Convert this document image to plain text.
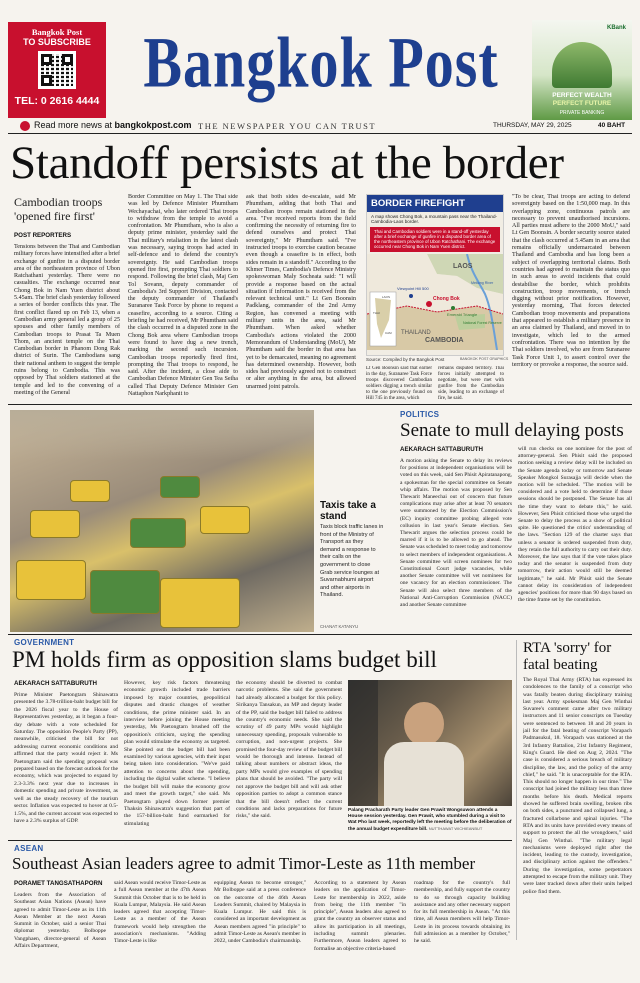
Bangkok Post
TO SUBSCRIBE
TEL: 0 2616 4444 Bangkok Post	KBank
PERFECT WEALTH
PERFECT FUTURE
PRIVATE BANKING
Read more news at bangkokpost.com THE NEWSPAPER YOU CAN TRUST	THURSDAY, MAY 29, 2025	40 BAHT
Standoff persists at the border
Cambodian troops 'opened fire first'
POST REPORTERS
Tensions between the Thai and Cambodian military forces have intensified after a brief exchange of gunfire in a disputed border area of the northeastern province of Ubon Ratchathani yesterday. There were no casualties. The exchange occurred near Chong Bok in Nam Yuen district about 5.45am. The brief clash yesterday followed a series of border conflicts this year. The first conflict flared up on Feb 13, when a Cambodian army general led a group of 25 spouses and other family members of Cambodian troops to Prasat Ta Muen Thom, an ancient temple on the Thai Cambodian border in Phanom Dong Rak district of Surin. The Cambodians sang their national anthem to suggest the temple ruins belong to Cambodia. This was opposed by Thai soldiers stationed at the temple and led to the convening of a meeting of the General
Border Committee on May 1. The Thai side was led by Defence Minister Phumtham Wechayachai, who later ordered Thai troops to withdraw from the temple to avoid a confrontation. Mr Phumtham, who is also a deputy prime minister, yesterday said the Thai military's retaliation in the latest clash was necessary, saying troops had acted in self-defence and to defend the country's sovereignty. He said Cambodian troops opened fire first, prompting Thai soldiers to respond. Following the brief clash, Maj Gen Tol Sovann, deputy commander of Cambodia's 3rd Support Division, contacted the deputy commander of Thailand's Suranaree Task Force by phone to request a ceasefire, according to a source. Citing a briefing he had received, Mr Phumtham said the clash occurred in a disputed zone in the Chong Bok area where Cambodian troops were found to have dug a new trench, marking the second such incursion. Cambodian troops reportedly fired first, prompting the Thai troops to respond, he said. After the incident, a close aide to Cambodian Defence Minister Gen Tea Seiha called Thai Deputy Defence Minister Gen Nattaphon Narkphanit to
ask that both sides de-escalate, said Mr Phumtham, adding that both Thai and Cambodian troops remain stationed in the area. "I've received reports from the field confirming the necessity of returning fire to defend ourselves and protect Thai sovereignty," Mr Phumtham said. "I've instructed troops to exercise caution because even though a ceasefire is in effect, both sides remain in a standoff." According to the Khmer Times, Cambodia's Defence Ministry spokeswoman Maly Socheata said: "I will provide a response based on the actual situation if information is received from the relevant technical unit." Lt Gen Boonsin Padklang, commander of the 2nd Army Region, has convened a meeting with military units in the area, said Mr Phumtham. When asked whether Cambodia's actions violated the 2000 Memorandum of Understanding (MoU), Mr Phumtham said the border in that area has yet to be demarcated, meaning no agreement has determined ownership. However, both sides had previously agreed not to construct or alter anything in the area, but allowed unarmed joint patrols.
BORDER FIREFIGHT
A map shows Chong Bok, a mountain pass near the Thailand-Cambodia-Laos border.
Thai and Cambodian soldiers were in a stand-off yesterday after a brief exchange of gunfire in a disputed border area of the northeastern province of Ubon Ratchathani. The exchange occurred near Chong Bok in Nam Yuen district.
LAOS
THAILAND
CAMBODIA
Chong Bok
Viewpoint Hill 500
Emerald Triangle
National Forest Reserve
Mekong River
LAOS
THAI
CAM
Source: Compiled by the Bangkok Post	BANGKOK POST GRAPHICS
Lt Gen Boonsin said that earlier in the day, Suranaree Task Force troops discovered Cambodian soldiers digging a trench similar to the one previously found on Hill 745 in the area, which
remains disputed territory. Thai forces initially attempted to negotiate, but were met with gunfire from the Cambodian side, leading to an exchange of fire, he said.
"To be clear, Thai troops are acting to defend sovereignty based on the 1:50,000 map. In this overlapping zone, continuous patrols are necessary to prevent unauthorised incursions. All parties must adhere to the 2000 MoU," said Lt Gen Boonsin. A border security source stated that the clash occurred at 5.45am in an area that remains officially undemarcated between Thailand and Cambodia and has long been a subject of overlapping territorial claims. Both countries had agreed to maintain the status quo in such areas to avoid incidents that could destabilise the border, which prohibits construction, troop movements, or trench digging without prior notification. However, yesterday morning, Thai forces detected Cambodian troop movements and preparations that appeared to establish a military presence in an area claimed by Thailand, and moved in to investigate, which led to the armed confrontation. There was no intention by the Thai soldiers involved, who are from Suranaree Task Force Unit 1, to assert control over the territory or provoke a response, the source said.
Taxis take a stand
Taxis block traffic lanes in front of the Ministry of Transport as they demand a response to their calls on the government to close Grab service lounges at Suvarnabhumi airport and other airports in Thailand.
CHANAT KATANYU
POLITICS
Senate to mull delaying posts
AEKARACH SATTABURUTH
A motion asking the Senate to delay its reviews for positions at independent organisations will be voted on this week, said Sen Phisit Apiratanapong, a spokesman for the special committee on Senate whip affairs. The motion was proposed by Sen Thewarit Maneechai out of concern that future complications may arise after at least 70 senators were summoned by the Election Commission's (EC) inquiry committee probing alleged vote collusion in last year's Senate election. Sen Thewarit argues the selection process could be marred if it is to be allowed to go ahead. The Senate was scheduled to meet today and tomorrow to select members of independent organisations. A Senate committee will screen nominees for two Constitutional Court judge vacancies, while another Senate committee will vet nominees for one vacancy for an election commissioner. The Senate will also select three members of the National Anti-Corruption Commission (NACC) and another Senate committee
will run checks on one nominee for the post of attorney-general. Sen Phisit said the proposed motion seeking a review delay will be included on the Senate agenda today or tomorrow and Senate Speaker Mongkol Surasajja will decide when the motion will be scheduled. "The motion will be considered and a vote held to determine if those sessions should be postponed. The Senate has all the time they want to debate this," he said. However, Sen Phisit criticised those who urged the Senate to delay the process as a show of political spite. He questioned the critics' understanding of the laws. "Section 129 of the charter says that unless a senator is ordered suspended from duty, they retain the full authority to carry out their duty. Moreover, the law says that if the vote takes place today and the senator is suspended from duty tomorrow, their action would still be deemed legitimate," he said. Mr Phisit said the Senate cannot delay its consideration of independent agencies' positions for more than 90 days based on the time frame set by the constitution.
GOVERNMENT
PM holds firm as opposition slams budget bill
AEKARACH SATTABURUTH
Prime Minister Paetongtarn Shinawatra presented the 3.78-trillion-baht budget bill for the 2026 fiscal year to the House of Representatives yesterday, as it began a four-day debate with a vote scheduled for Saturday. The opposition People's Party (PP), meanwhile, criticised the bill for not addressing current economic conditions and affirmed that the party would reject it. Ms Paetongtarn said the spending proposal was prepared based on the forecast outlook for the economy, which was projected to expand by 2.3-3.3% next year due to increases in domestic spending and private investment, as well as the steady recovery of the tourism sector. Inflation was expected to hover at 0.5-1.5%, and the current account was expected to have a 2.3% surplus of GDP.
However, key risk factors threatening economic growth included trade barriers imposed by major countries, geopolitical disputes and drastic changes of weather conditions, the prime minister said. In an interview before joining the House meeting yesterday, Ms Paetongtarn brushed off the opposition's criticism, saying the spending plan would stimulate the economy as targeted. She pointed out the budget bill had been examined by various agencies, with their input being taken into consideration. "We've paid attention to concerns about the spending, including the digital wallet scheme. "I believe the budget bill will make the economy grow and meet the growth target," she said. Ms Paetongtarn played down former premier Thaksin Shinawatra's suggestion that part of the 157-billion-baht fund earmarked for stimulating
the economy should be diverted to combat narcotic problems. She said the government had already allocated a budget for this policy. Sirikanya Tansakun, an MP and deputy leader of the PP, said the budget bill failed to address the country's economic needs. She said the scrutiny of 49 party MPs would highlight unnecessary spending, proposals vulnerable to corruption, and non-urgent projects. She promised the four-day review of the budget bill would be thorough and intense. Instead of talking about numbers or abstract ideas, the party MPs would give examples of spending plans that should be avoided. "The party will not approve the budget bill and will ask other opposition parties to adopt a common stance that the bill doesn't reflect the current conditions and lacks preparations for future risks," she said.
Palang Pracharath Party leader Gen Prawit Wongsuwon attends a House session yesterday. Gen Prawit, who stumbled during a visit to Wat Pho last week, reportedly left the meeting before the deliberation of the annual budget expenditure bill. NUTTHAWAT WICHIEANBUT
RTA 'sorry' for fatal beating
The Royal Thai Army (RTA) has expressed its condolences to the family of a conscript who was fatally beaten during disciplinary training last year. Army spokesman Maj Gen Winthai Suvaree's comment came after two military instructors and 11 senior conscripts on Tuesday were sentenced to between 18 and 20 years in jail for the fatal beating of conscript Vorapach Padmasukul, 18. Vorapach was stationed at the 3rd Infantry Battalion, 21st Infantry Regiment, King's Guard. He died on Aug 2, 2024. "The case is considered a serious breach of military discipline, the law, and the policy of the army chief," he said. "It is unacceptable for the RTA. This should no longer happen in our time." The conscript had joined the military less than three months before his death. Medical reports showed he suffered brain swelling, broken ribs on both sides, a punctured and collapsed lung, a fractured collarbone and spinal injuries. "The RTA and its units have provided every means of support to protect the all the wrongdoers," said Maj Gen Winthai. "The military legal mechanisms were deployed right after the incident, leading to the custody, investigation, and disciplinary action against the offenders." During the investigation, some perpetrators attempted to escape from the military unit. They were later tracked down after their units helped police find them.
ASEAN
Southeast Asian leaders agree to admit Timor-Leste as 11th member
PORAMET TANGSATHAPORN
Leaders from the Association of Southeast Asian Nations (Asean) have agreed to admit Timor-Leste as its 11th Asean Member at the next Asean Summit in October, said a senior Thai diplomat yesterday. Bolboppe Vangphaen, director-general of Asean Affairs Department,
said Asean would receive Timor-Leste as a full Asean member at the 47th Asean Summit this October that is to be held in Kuala Lumpur, Malaysia. He said Asean leaders agreed that accepting Timor-Leste as a member of the Asean framework would help strengthen the association's mechanisms. "Adding Timor-Leste is like
equipping Asean to become stronger," Mr Bolboppe said at a press conference on the outcome of the 46th Asean Leaders Summit, chaired by Malaysia in Kuala Lumpur. He said this is considered an important development as Asean members agreed "in principle" to admit Timor-Leste as Asean's member in 2022, under Cambodia's chairmanship.
According to a statement by Asean leaders on the application of Timor-Leste for membership in 2022, aside from being the 11th member "in principle", Asean leaders also agreed to grant the country an observer status and allow its participation in all meetings, including summit plenaries. Furthermore, Asean leaders agreed to formalise an objective criteria-based
roadmap for the country's full membership, and fully support the country to do so through capacity building assistance and any other necessary support for its full membership in Asean. "At this time, all Asean members will help Timor-Leste in its process towards obtaining its full admission as a member by October," he said.
